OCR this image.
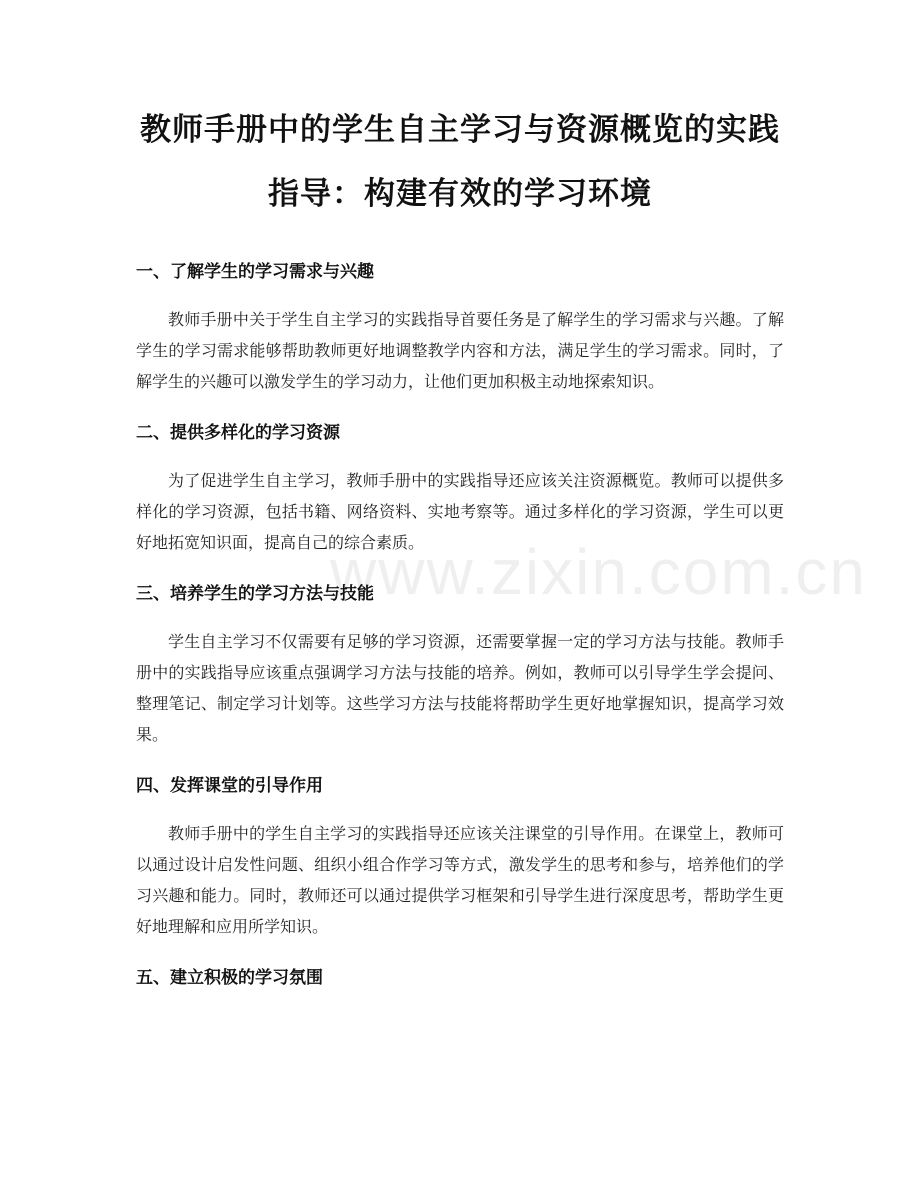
教师手册中的学生自主学习与资源概览的实践指导：构建有效的学习环境
一、了解学生的学习需求与兴趣

教师手册中关于学生自主学习的实践指导首要任务是了解学生的学习需求与兴趣。了解学生的学习需求能够帮助教师更好地调整教学内容和方法，满足学生的学习需求。同时，了解学生的兴趣可以激发学生的学习动力，让他们更加积极主动地探索知识。

二、提供多样化的学习资源

为了促进学生自主学习，教师手册中的实践指导还应该关注资源概览。教师可以提供多样化的学习资源，包括书籍、网络资料、实地考察等。通过多样化的学习资源，学生可以更好地拓宽知识面，提高自己的综合素质。

三、培养学生的学习方法与技能

学生自主学习不仅需要有足够的学习资源，还需要掌握一定的学习方法与技能。教师手册中的实践指导应该重点强调学习方法与技能的培养。例如，教师可以引导学生学会提问、整理笔记、制定学习计划等。这些学习方法与技能将帮助学生更好地掌握知识，提高学习效果。

四、发挥课堂的引导作用

教师手册中的学生自主学习的实践指导还应该关注课堂的引导作用。在课堂上，教师可以通过设计启发性问题、组织小组合作学习等方式，激发学生的思考和参与，培养他们的学习兴趣和能力。同时，教师还可以通过提供学习框架和引导学生进行深度思考，帮助学生更好地理解和应用所学知识。

五、建立积极的学习氛围
www.zixin.com.cn
